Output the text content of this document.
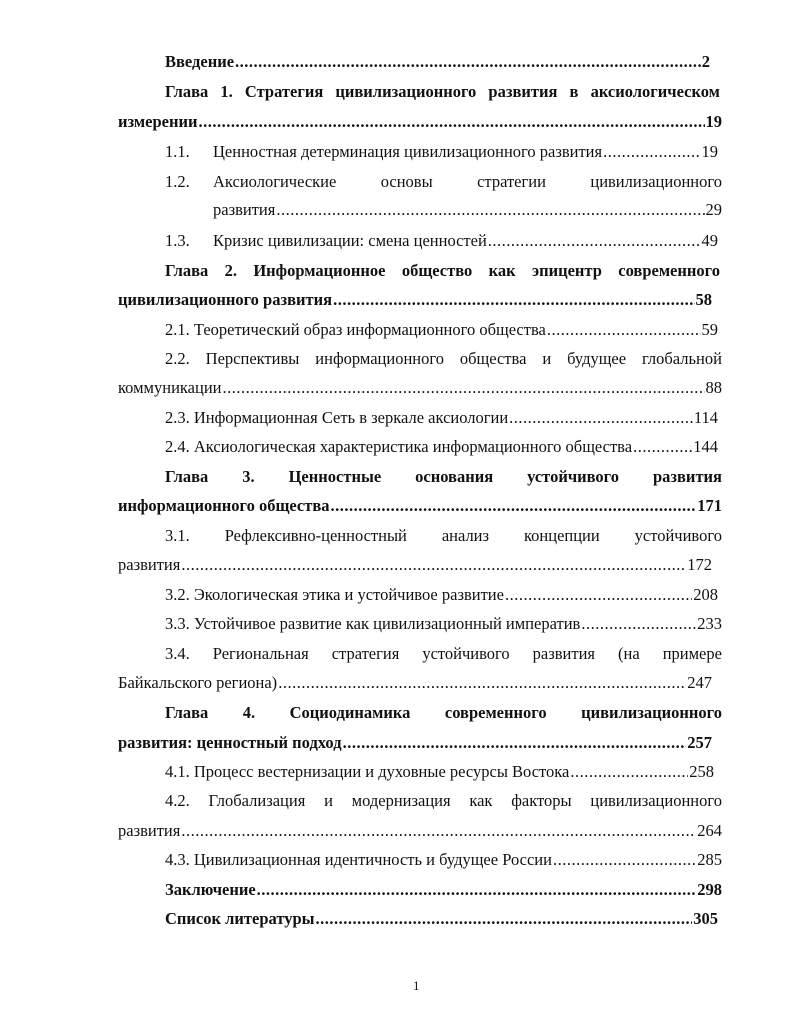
Введение .....	2
Глава 1. Стратегия цивилизационного развития в аксиологическом
измерении .....	19
1.1. Ценностная детерминация цивилизационного развития .....	19
1.2. Аксиологические	основы	стратегии	цивилизационного
развития .....	29
1.3. Кризис цивилизации: смена ценностей .....	49
Глава 2. Информационное общество как эпицентр современного
цивилизационного развития .....	58
2.1. Теоретический образ информационного общества .....	59
2.2. Перспективы информационного общества и будущее глобальной
коммуникации .....	88
2.3. Информационная Сеть в зеркале аксиологии .....	114
2.4. Аксиологическая характеристика информационного общества .....	144
Глава 3. Ценностные основания устойчивого развития
информационного общества .....	171
3.1. Рефлексивно-ценностный анализ концепции устойчивого
развития .....	172
3.2. Экологическая этика и устойчивое развитие .....	208
3.3. Устойчивое развитие как цивилизационный императив .....	233
3.4. Региональная стратегия устойчивого развития (на примере
Байкальского региона) .....	247
Глава 4. Социодинамика современного цивилизационного
развития: ценностный подход .....	257
4.1. Процесс вестернизации и духовные ресурсы Востока .....	258
4.2. Глобализация и модернизация как факторы цивилизационного
развития .....	264
4.3. Цивилизационная идентичность и будущее России .....	285
Заключение .....	298
Список литературы .....	305
1
